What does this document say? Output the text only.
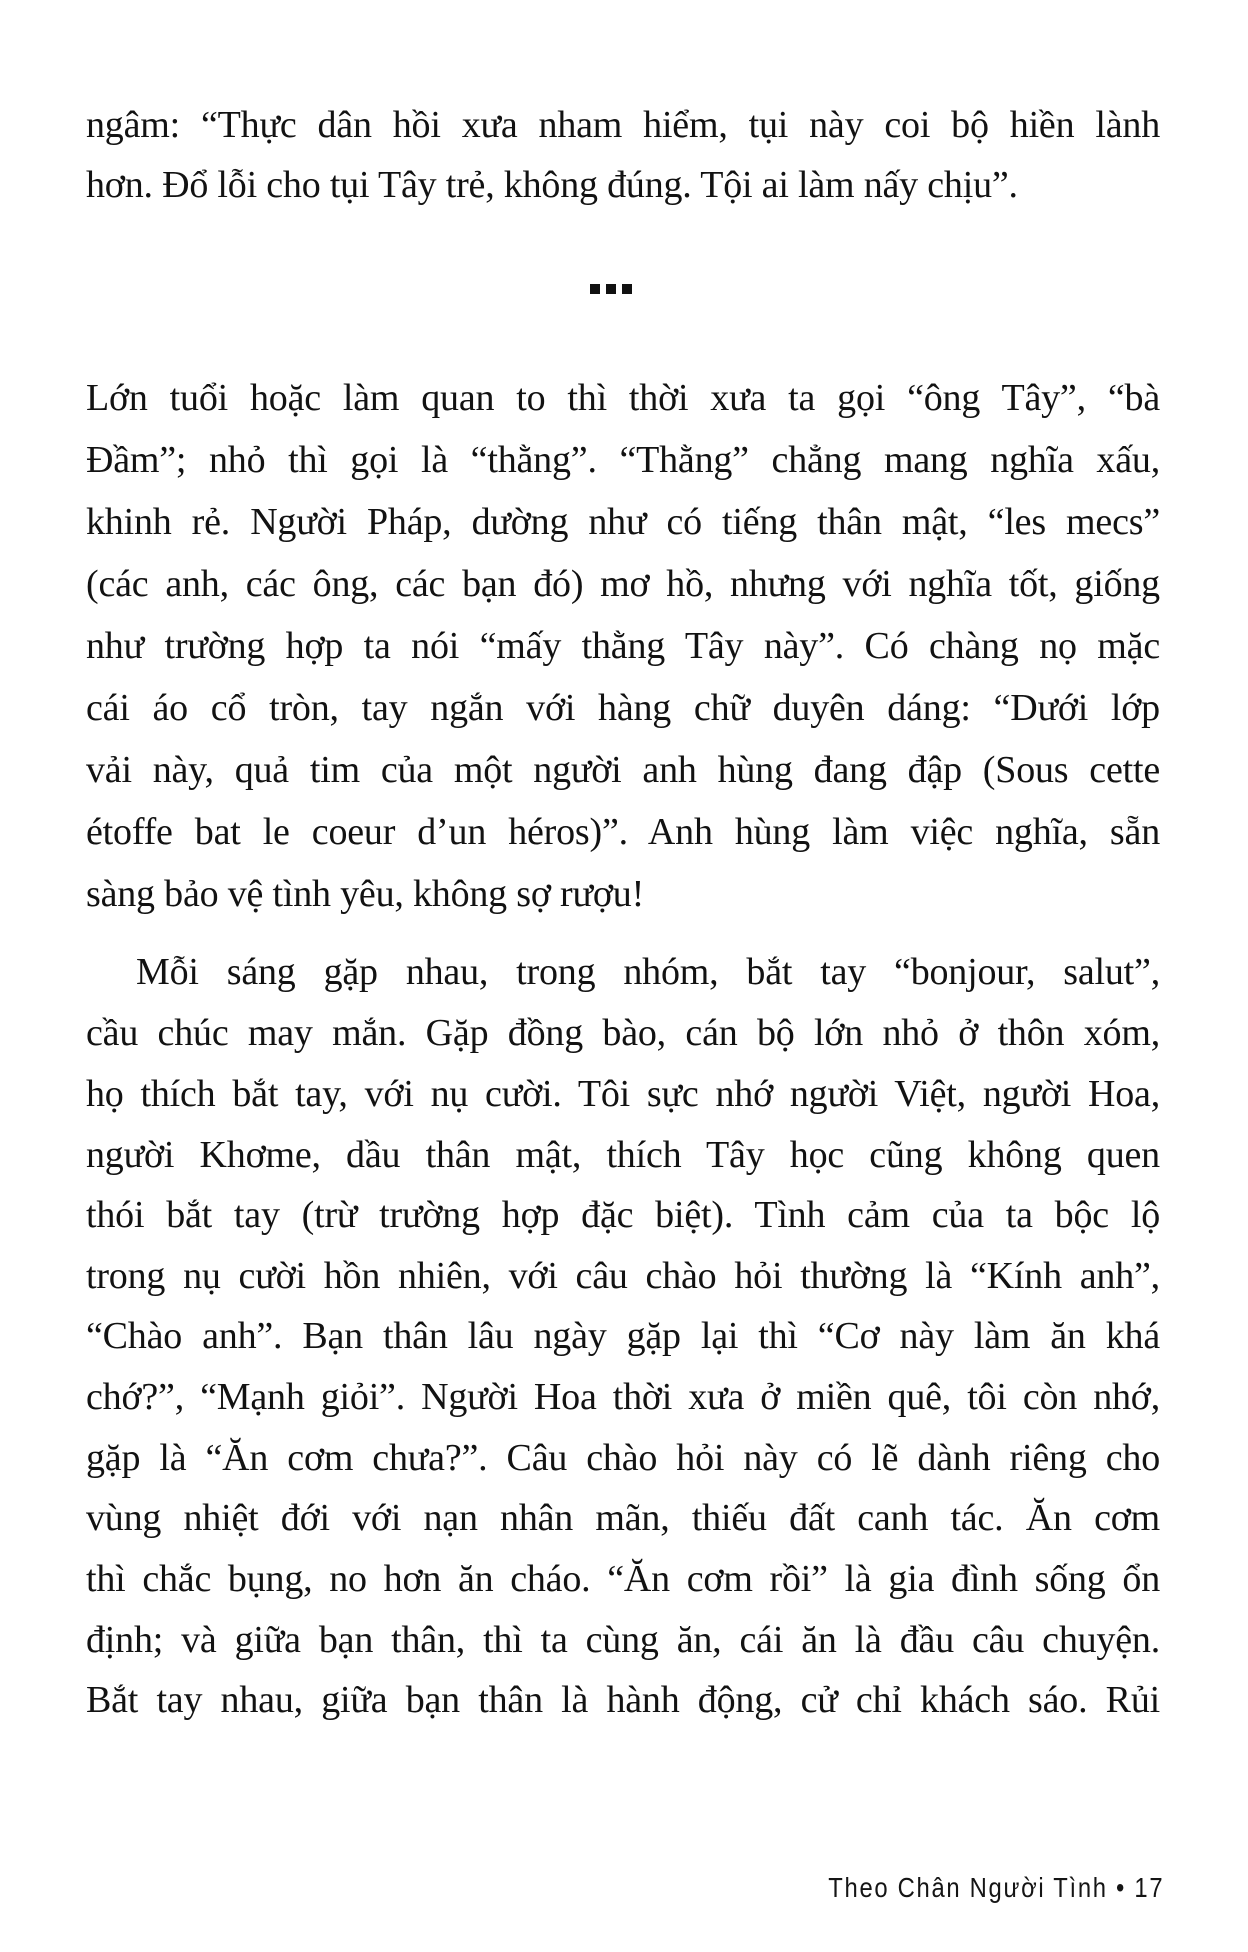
ngâm: “Thực dân hồi xưa nham hiểm, tụi này coi bộ hiền lành
hơn. Đổ lỗi cho tụi Tây trẻ, không đúng. Tội ai làm nấy chịu”.
Lớn tuổi hoặc làm quan to thì thời xưa ta gọi “ông Tây”, “bà
Đầm”; nhỏ thì gọi là “thằng”. “Thằng” chẳng mang nghĩa xấu,
khinh rẻ. Người Pháp, dường như có tiếng thân mật, “les mecs”
(các anh, các ông, các bạn đó) mơ hồ, nhưng với nghĩa tốt, giống
như trường hợp ta nói “mấy thằng Tây này”. Có chàng nọ mặc
cái áo cổ tròn, tay ngắn với hàng chữ duyên dáng: “Dưới lớp
vải này, quả tim của một người anh hùng đang đập (Sous cette
étoffe bat le coeur d’un héros)”. Anh hùng làm việc nghĩa, sẵn
sàng bảo vệ tình yêu, không sợ rượu!
Mỗi sáng gặp nhau, trong nhóm, bắt tay “bonjour, salut”,
cầu chúc may mắn. Gặp đồng bào, cán bộ lớn nhỏ ở thôn xóm,
họ thích bắt tay, với nụ cười. Tôi sực nhớ người Việt, người Hoa,
người Khơme, dầu thân mật, thích Tây học cũng không quen
thói bắt tay (trừ trường hợp đặc biệt). Tình cảm của ta bộc lộ
trong nụ cười hồn nhiên, với câu chào hỏi thường là “Kính anh”,
“Chào anh”. Bạn thân lâu ngày gặp lại thì “Cơ này làm ăn khá
chớ?”, “Mạnh giỏi”. Người Hoa thời xưa ở miền quê, tôi còn nhớ,
gặp là “Ăn cơm chưa?”. Câu chào hỏi này có lẽ dành riêng cho
vùng nhiệt đới với nạn nhân mãn, thiếu đất canh tác. Ăn cơm
thì chắc bụng, no hơn ăn cháo. “Ăn cơm rồi” là gia đình sống ổn
định; và giữa bạn thân, thì ta cùng ăn, cái ăn là đầu câu chuyện.
Bắt tay nhau, giữa bạn thân là hành động, cử chỉ khách sáo. Rủi
Theo Chân Người Tình • 17
